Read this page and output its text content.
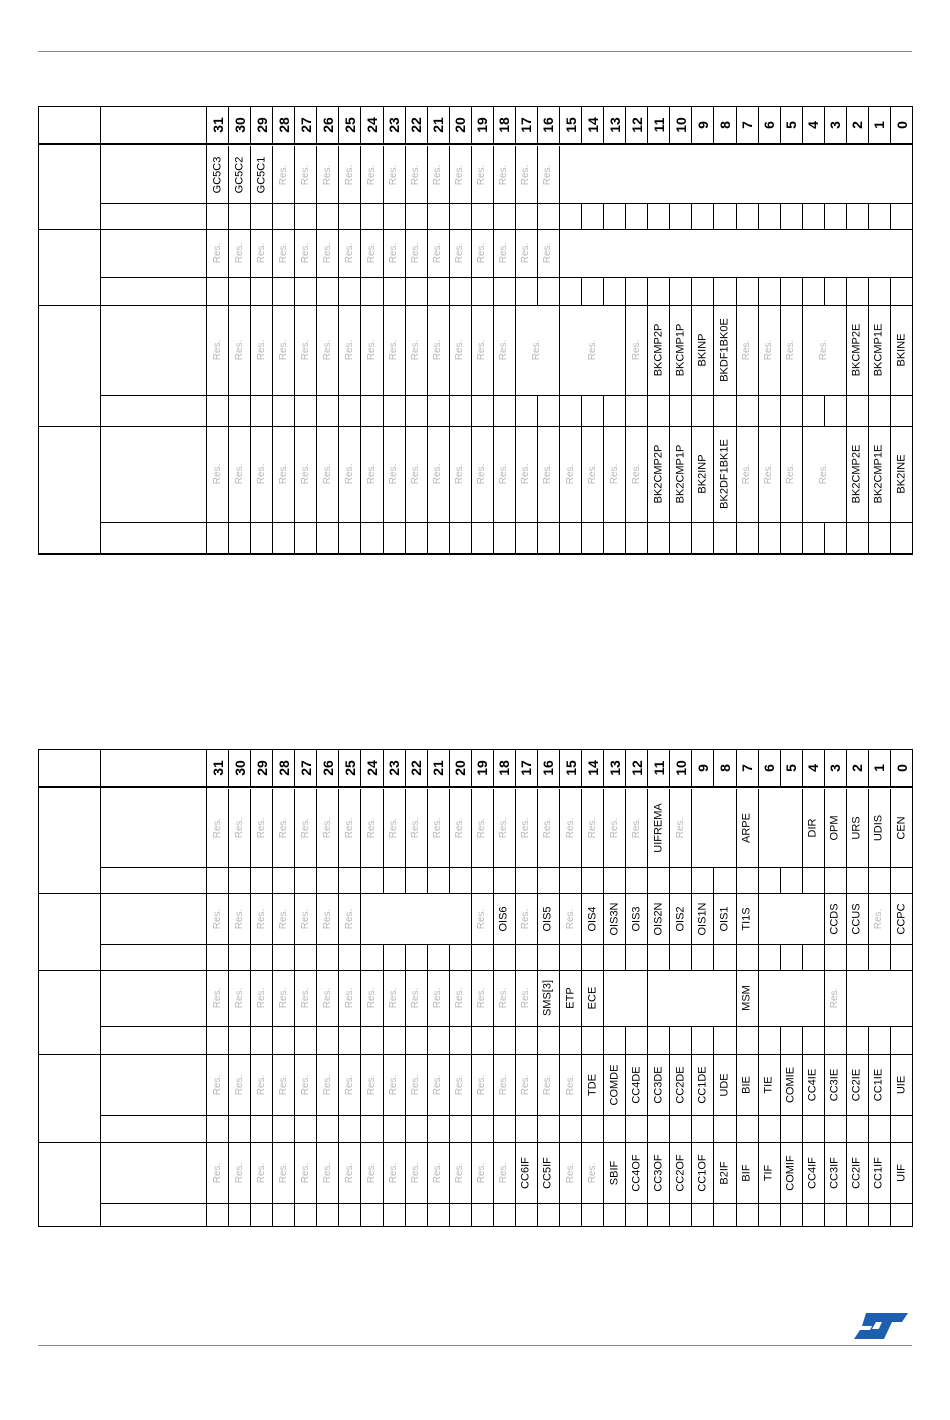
31 30 29 28 27 26 25 24 23 22 21 20 19 18 17 16 15 14 13 12 11 10 9 8 7 6 5 4 3 2 1 0
GC5C3 GC5C2 GC5C1 Res. Res. Res. Res. Res. Res. Res. Res. Res. Res. Res. Res. Res.
Res. Res. Res. Res. Res. Res. Res. Res. Res. Res. Res. Res. Res. Res. Res. Res.
Res. Res. Res. Res. Res. Res. Res. Res. Res. Res. Res. Res. Res. Res. Res.	Res.	Res. BKCMP2P BKCMP1P BKINP BKDF1BK0E Res. Res. Res. Res. BKCMP2E BKCMP1E BKINE
Res. Res. Res. Res. Res. Res. Res. Res. Res. Res. Res. Res. Res. Res. Res. Res. Res. Res. Res. Res. BK2CMP2P BK2CMP1P BK2INP BK2DF1BK1E Res. Res. Res. Res. BK2CMP2E BK2CMP1E BK2INE
31 30 29 28 27 26 25 24 23 22 21 20 19 18 17 16 15 14 13 12 11 10 9 8 7 6 5 4 3 2 1 0
Res. Res. Res. Res. Res. Res. Res. Res. Res. Res. Res. Res. Res. Res. Res. Res. Res. Res. Res. Res. UIFREMA Res.	ARPE	DIR OPM URS UDIS CEN
Res. Res. Res. Res. Res. Res. Res.	Res. OIS6 Res. OIS5 Res. OIS4 OIS3N OIS3 OIS2N OIS2 OIS1N OIS1 TI1S	CCDS CCUS Res. CCPC
Res. Res. Res. Res. Res. Res. Res. Res. Res. Res. Res. Res. Res. Res. Res. SMS[3] ETP ECE	MSM	Res.
Res. Res. Res. Res. Res. Res. Res. Res. Res. Res. Res. Res. Res. Res. Res. Res. Res. TDE COMDE CC4DE CC3DE CC2DE CC1DE UDE BIE TIE COMIE CC4IE CC3IE CC2IE CC1IE UIE
Res. Res. Res. Res. Res. Res. Res. Res. Res. Res. Res. Res. Res. Res. CC6IF CC5IF Res. Res. SBIF CC4OF CC3OF CC2OF CC1OF B2IF BIF TIF COMIF CC4IF CC3IF CC2IF CC1IF UIF
